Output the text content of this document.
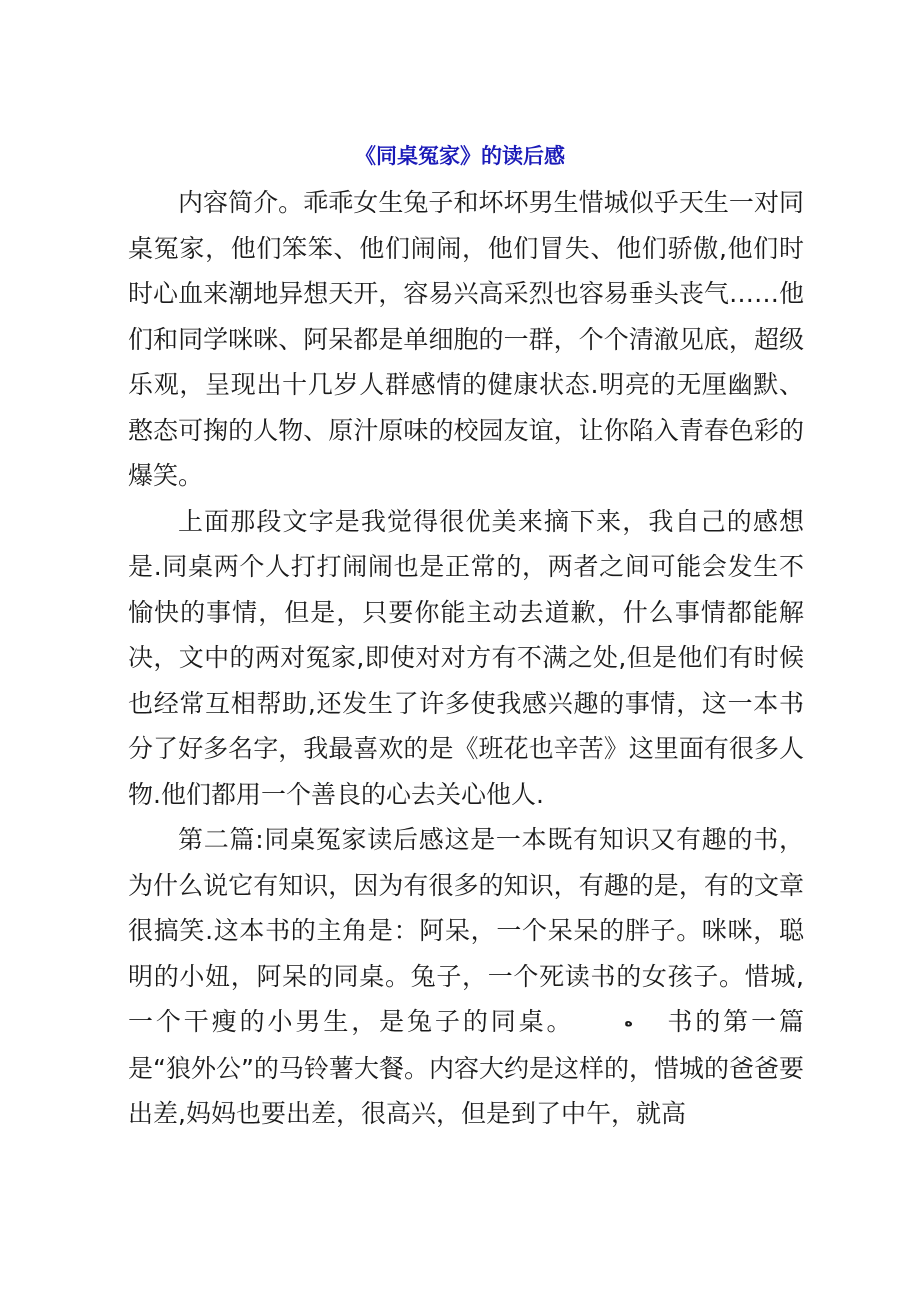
《同桌冤家》的读后感

内容简介。乖乖女生兔子和坏坏男生惜城似乎天生一对同桌冤家，他们笨笨、他们闹闹，他们冒失、他们骄傲,他们时时心血来潮地异想天开，容易兴高采烈也容易垂头丧气……他们和同学咪咪、阿呆都是单细胞的一群，个个清澈见底，超级乐观，呈现出十几岁人群感情的健康状态.明亮的无厘幽默、憨态可掬的人物、原汁原味的校园友谊，让你陷入青春色彩的爆笑。

上面那段文字是我觉得很优美来摘下来，我自己的感想是.同桌两个人打打闹闹也是正常的，两者之间可能会发生不愉快的事情，但是，只要你能主动去道歉，什么事情都能解决，文中的两对冤家,即使对对方有不满之处,但是他们有时候也经常互相帮助,还发生了许多使我感兴趣的事情，这一本书分了好多名字，我最喜欢的是《班花也辛苦》这里面有很多人物.他们都用一个善良的心去关心他人.

第二篇:同桌冤家读后感这是一本既有知识又有趣的书，为什么说它有知识，因为有很多的知识，有趣的是，有的文章很搞笑.这本书的主角是：阿呆，一个呆呆的胖子。咪咪，聪明的小妞，阿呆的同桌。兔子，一个死读书的女孩子。惜城,一个干瘦的小男生，是兔子的同桌。	ه 书的第一篇是“狼外公”的马铃薯大餐。内容大约是这样的，惜城的爸爸要出差,妈妈也要出差，很高兴，但是到了中午，就高
